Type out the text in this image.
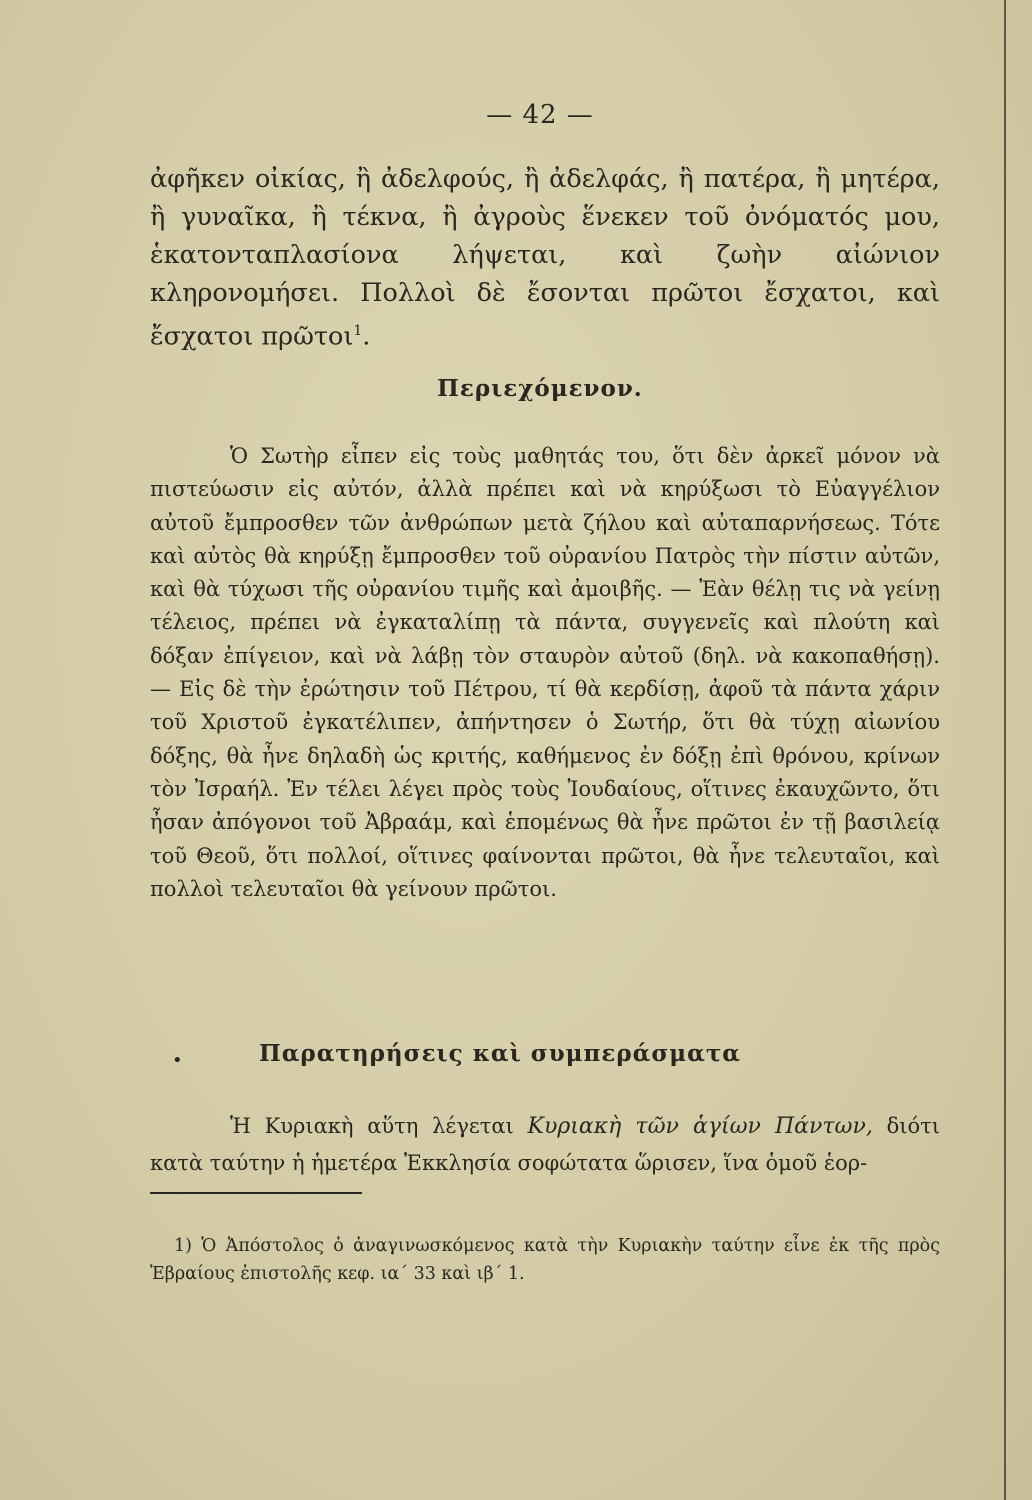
— 42 —
ἀφῆκεν οἰκίας, ἢ ἀδελφούς, ἢ ἀδελφάς, ἢ πατέρα, ἢ μητέρα, ἢ γυναῖκα, ἢ τέκνα, ἢ ἀγροὺς ἕνεκεν τοῦ ὀνόματός μου, ἑκατονταπλασίονα λήψεται, καὶ ζωὴν αἰώνιον κληρονομήσει. Πολλοὶ δὲ ἔσονται πρῶτοι ἔσχατοι, καὶ ἔσχατοι πρῶτοι$^1$.
Περιεχόμενον.
Ὁ Σωτὴρ εἶπεν εἰς τοὺς μαθητάς του, ὅτι δὲν ἀρκεῖ μόνον νὰ πιστεύωσιν εἰς αὐτόν, ἀλλὰ πρέπει καὶ νὰ κηρύξωσι τὸ Εὐαγγέλιον αὐτοῦ ἔμπροσθεν τῶν ἀνθρώπων μετὰ ζήλου καὶ αὐταπαρνήσεως. Τότε καὶ αὐτὸς θὰ κηρύξῃ ἔμπροσθεν τοῦ οὐρανίου Πατρὸς τὴν πίστιν αὐτῶν, καὶ θὰ τύχωσι τῆς οὐρανίου τιμῆς καὶ ἀμοιβῆς. — Ἐὰν θέλῃ τις νὰ γείνῃ τέλειος, πρέπει νὰ ἐγκαταλίπῃ τὰ πάντα, συγγενεῖς καὶ πλούτη καὶ δόξαν ἐπίγειον, καὶ νὰ λάβῃ τὸν σταυρὸν αὐτοῦ (δηλ. νὰ κακοπαθήσῃ). — Εἰς δὲ τὴν ἐρώτησιν τοῦ Πέτρου, τί θὰ κερδίσῃ, ἀφοῦ τὰ πάντα χάριν τοῦ Χριστοῦ ἐγκατέλιπεν, ἀπήντησεν ὁ Σωτήρ, ὅτι θὰ τύχῃ αἰωνίου δόξης, θὰ ἦνε δηλαδὴ ὡς κριτής, καθήμενος ἐν δόξῃ ἐπὶ θρόνου, κρίνων τὸν Ἰσραήλ. Ἐν τέλει λέγει πρὸς τοὺς Ἰουδαίους, οἵτινες ἐκαυχῶντο, ὅτι ἦσαν ἀπόγονοι τοῦ Ἀβραάμ, καὶ ἑπομένως θὰ ἦνε πρῶτοι ἐν τῇ βασιλείᾳ τοῦ Θεοῦ, ὅτι πολλοί, οἵτινες φαίνονται πρῶτοι, θὰ ἦνε τελευταῖοι, καὶ πολλοὶ τελευταῖοι θὰ γείνουν πρῶτοι.
•	Παρατηρήσεις καὶ συμπεράσματα
Ἡ Κυριακὴ αὕτη λέγεται Κυριακὴ τῶν ἁγίων Πάντων, διότι κατὰ ταύτην ἡ ἡμετέρα Ἐκκλησία σοφώτατα ὥρισεν, ἵνα ὁμοῦ ἑορ-
1) Ὁ Ἀπόστολος ὁ ἀναγινωσκόμενος κατὰ τὴν Κυριακὴν ταύτην εἶνε ἐκ τῆς πρὸς Ἑβραίους ἐπιστολῆς κεφ. ια΄ 33 καὶ ιβ΄ 1.
